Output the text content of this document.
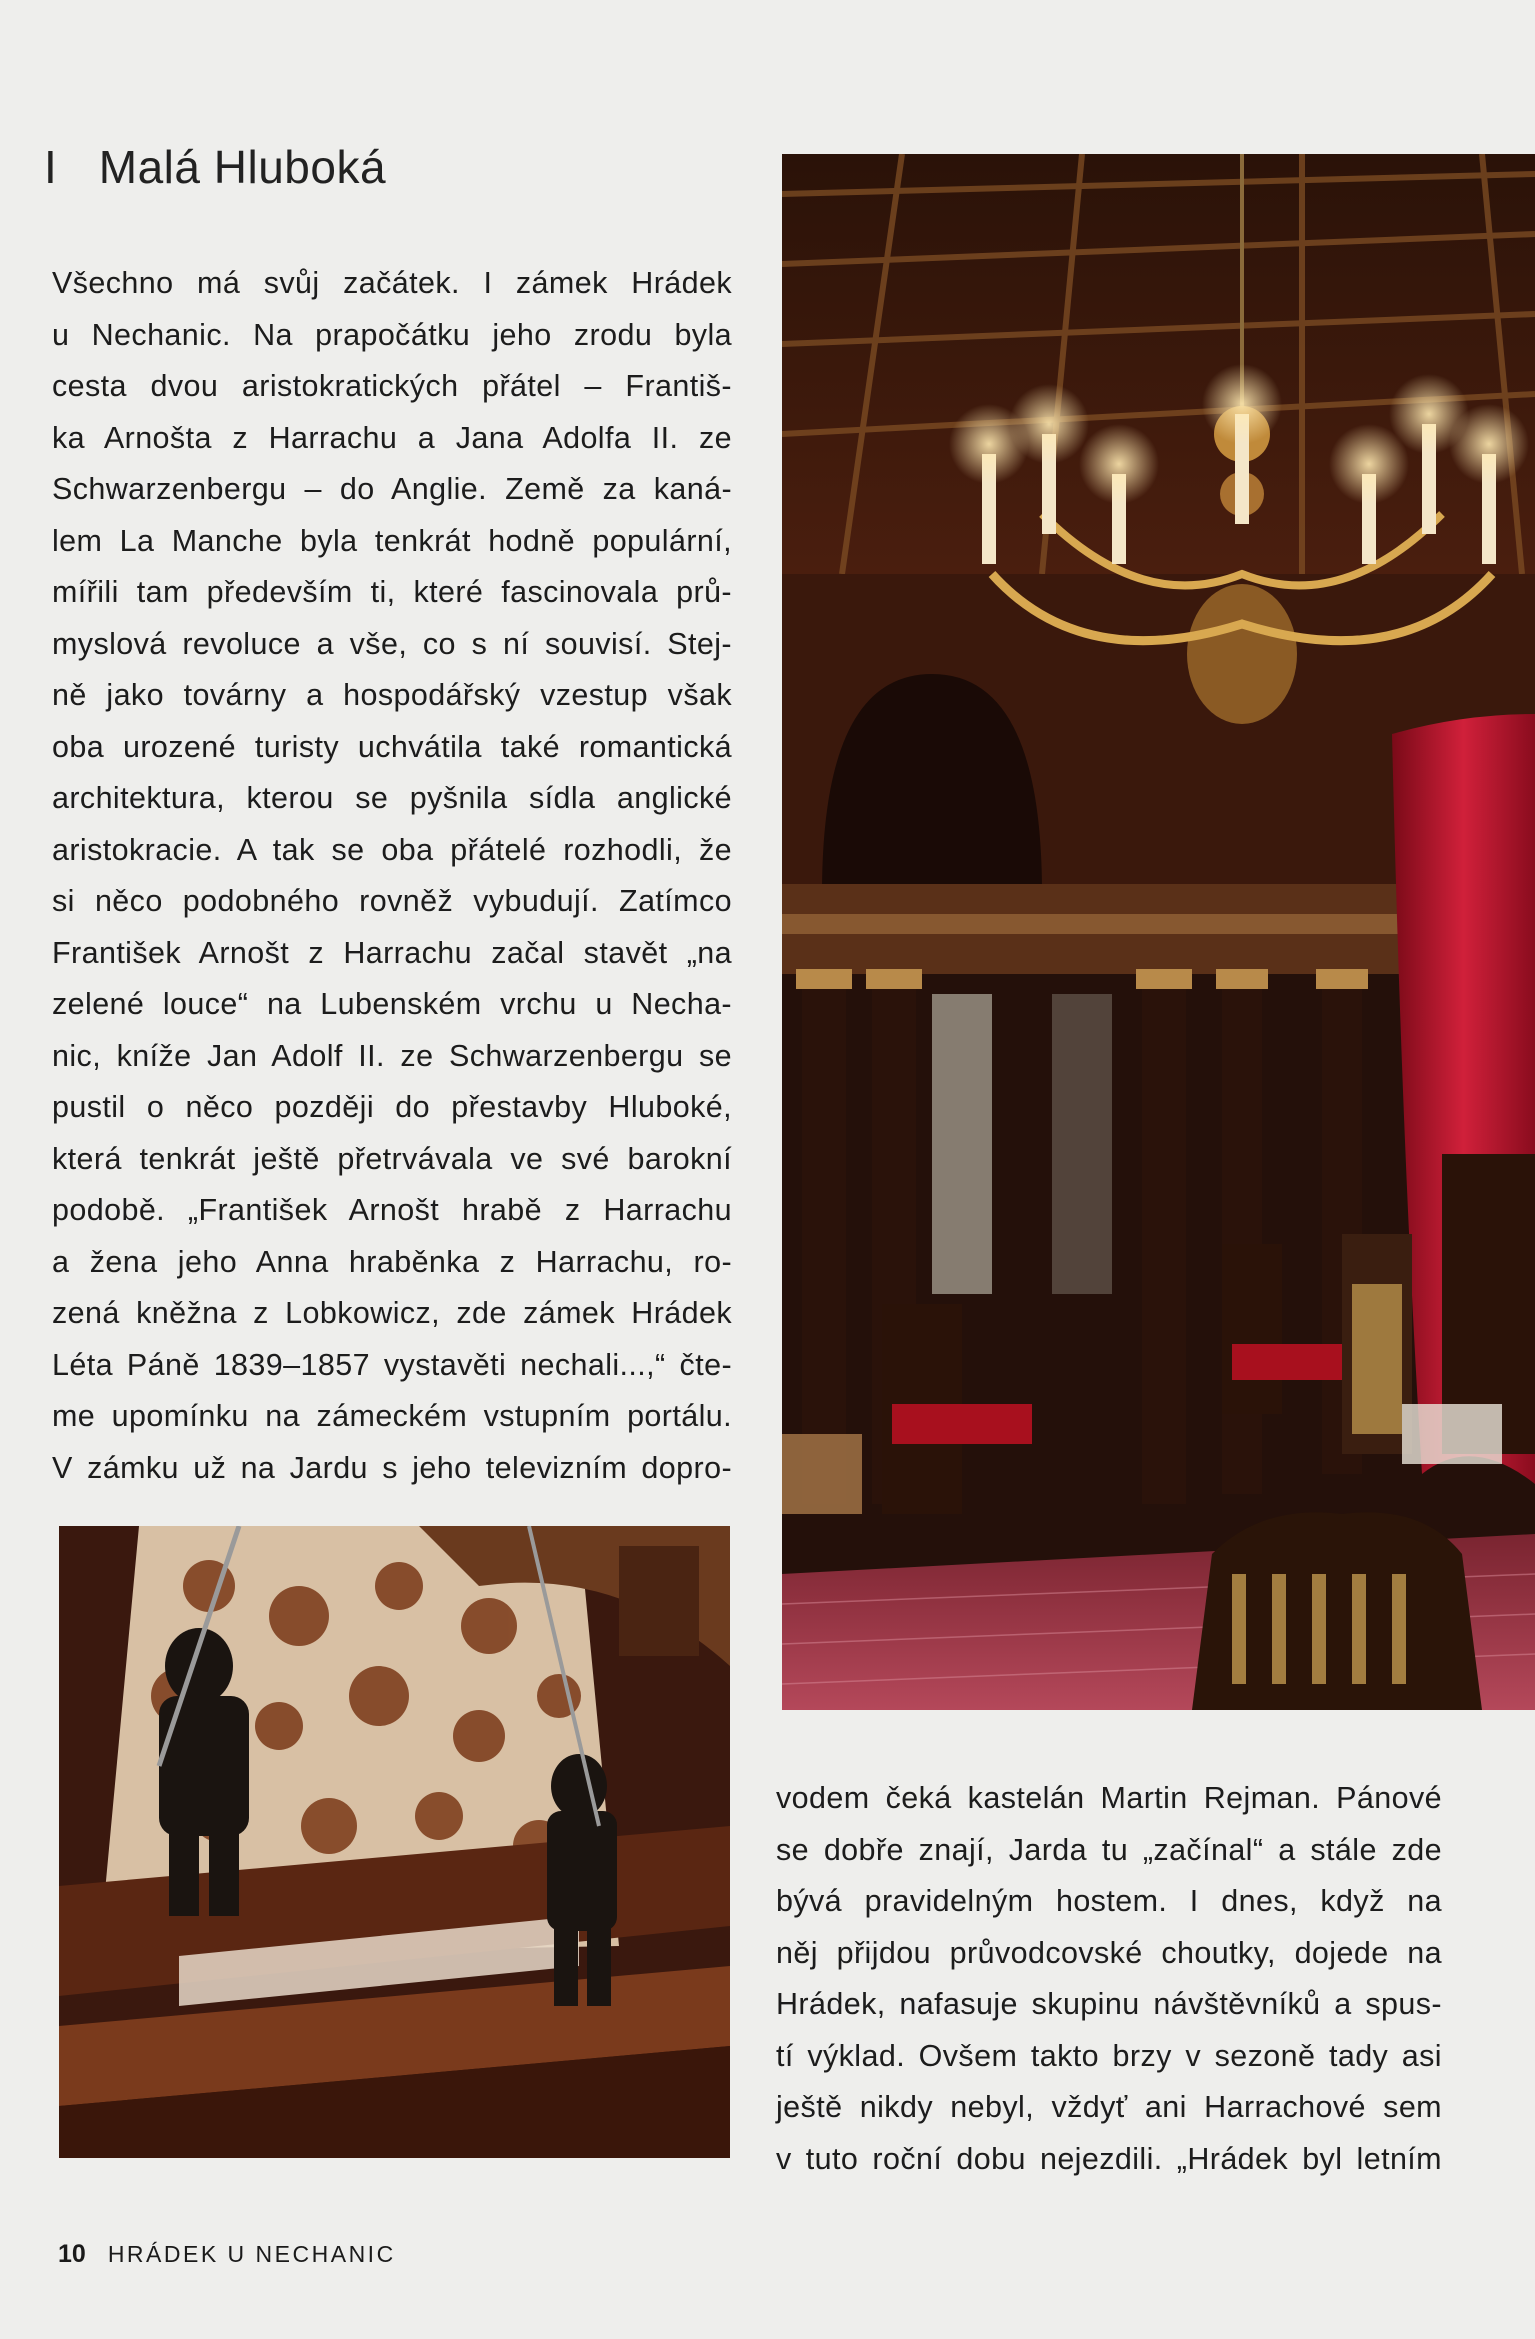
I Malá Hluboká

Všechno má svůj začátek. I zámek Hrádek

u Nechanic. Na prapočátku jeho zrodu byla

cesta dvou aristokratických přátel – Františ-

ka Arnošta z Harrachu a Jana Adolfa II. ze

Schwarzenbergu – do Anglie. Země za kaná-

lem La Manche byla tenkrát hodně populární,

mířili tam především ti, které fascinovala prů-

myslová revoluce a vše, co s ní souvisí. Stej-

ně jako továrny a hospodářský vzestup však

oba urozené turisty uchvátila také romantická

architektura, kterou se pyšnila sídla anglické

aristokracie. A tak se oba přátelé rozhodli, že

si něco podobného rovněž vybudují. Zatímco

František Arnošt z Harrachu začal stavět „na

zelené louce“ na Lubenském vrchu u Necha-

nic, kníže Jan Adolf II. ze Schwarzenbergu se

pustil o něco později do přestavby Hluboké,

která tenkrát ještě přetrvávala ve své barokní

podobě. „František Arnošt hrabě z Harrachu

a žena jeho Anna hraběnka z Harrachu, ro-

zená kněžna z Lobkowicz, zde zámek Hrádek

Léta Páně 1839–1857 vystavěti nechali...,“ čte-

me upomínku na zámeckém vstupním portálu.

V zámku už na Jardu s jeho televizním dopro-

vodem čeká kastelán Martin Rejman. Pánové

se dobře znají, Jarda tu „začínal“ a stále zde

bývá pravidelným hostem. I dnes, když na

něj přijdou průvodcovské choutky, dojede na

Hrádek, nafasuje skupinu návštěvníků a spus-

tí výklad. Ovšem takto brzy v sezoně tady asi

ještě nikdy nebyl, vždyť ani Harrachové sem

v tuto roční dobu nejezdili. „Hrádek byl letním

10 HRÁDEK U NECHANIC
